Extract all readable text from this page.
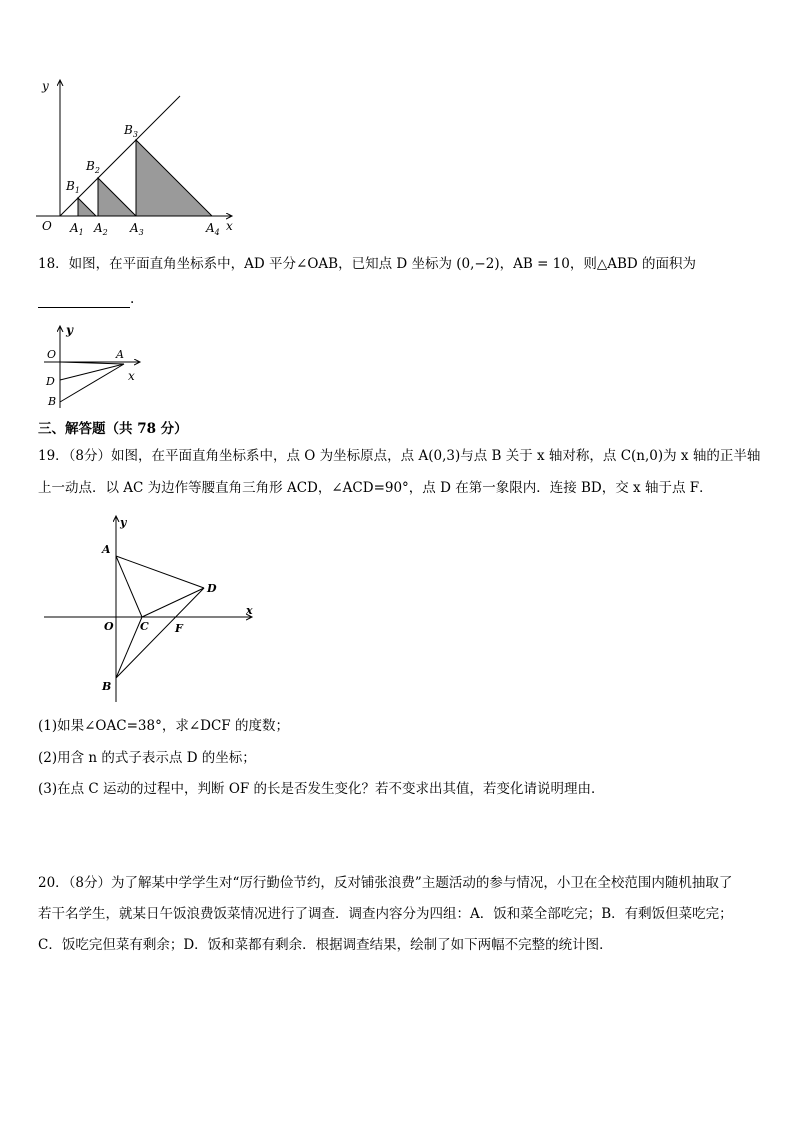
y
x
O
$B_1$
$B_2$
$B_3$
$A_1$ $A_2$ $A_3$	$A_4$
18．如图，在平面直角坐标系中，AD 平分∠OAB，已知点 D 坐标为 (0,−2)，AB = 10，则△ABD 的面积为
.
y
O	A
x
D
B
三、解答题（共 78 分）
19．（8分）如图，在平面直角坐标系中，点 O 为坐标原点，点 A(0,3)与点 B 关于 x 轴对称，点 C(n,0)为 x 轴的正半轴
上一动点．以 AC 为边作等腰直角三角形 ACD，∠ACD=90°，点 D 在第一象限内．连接 BD，交 x 轴于点 F．
y
A
D
x
O C F
B
(1)如果∠OAC=38°，求∠DCF 的度数；
(2)用含 n 的式子表示点 D 的坐标；
(3)在点 C 运动的过程中，判断 OF 的长是否发生变化？若不变求出其值，若变化请说明理由．
20．（8分）为了解某中学学生对“厉行勤俭节约，反对铺张浪费”主题活动的参与情况，小卫在全校范围内随机抽取了
若干名学生，就某日午饭浪费饭菜情况进行了调查．调查内容分为四组：A．饭和菜全部吃完；B．有剩饭但菜吃完；
C．饭吃完但菜有剩余；D．饭和菜都有剩余．根据调查结果，绘制了如下两幅不完整的统计图．
